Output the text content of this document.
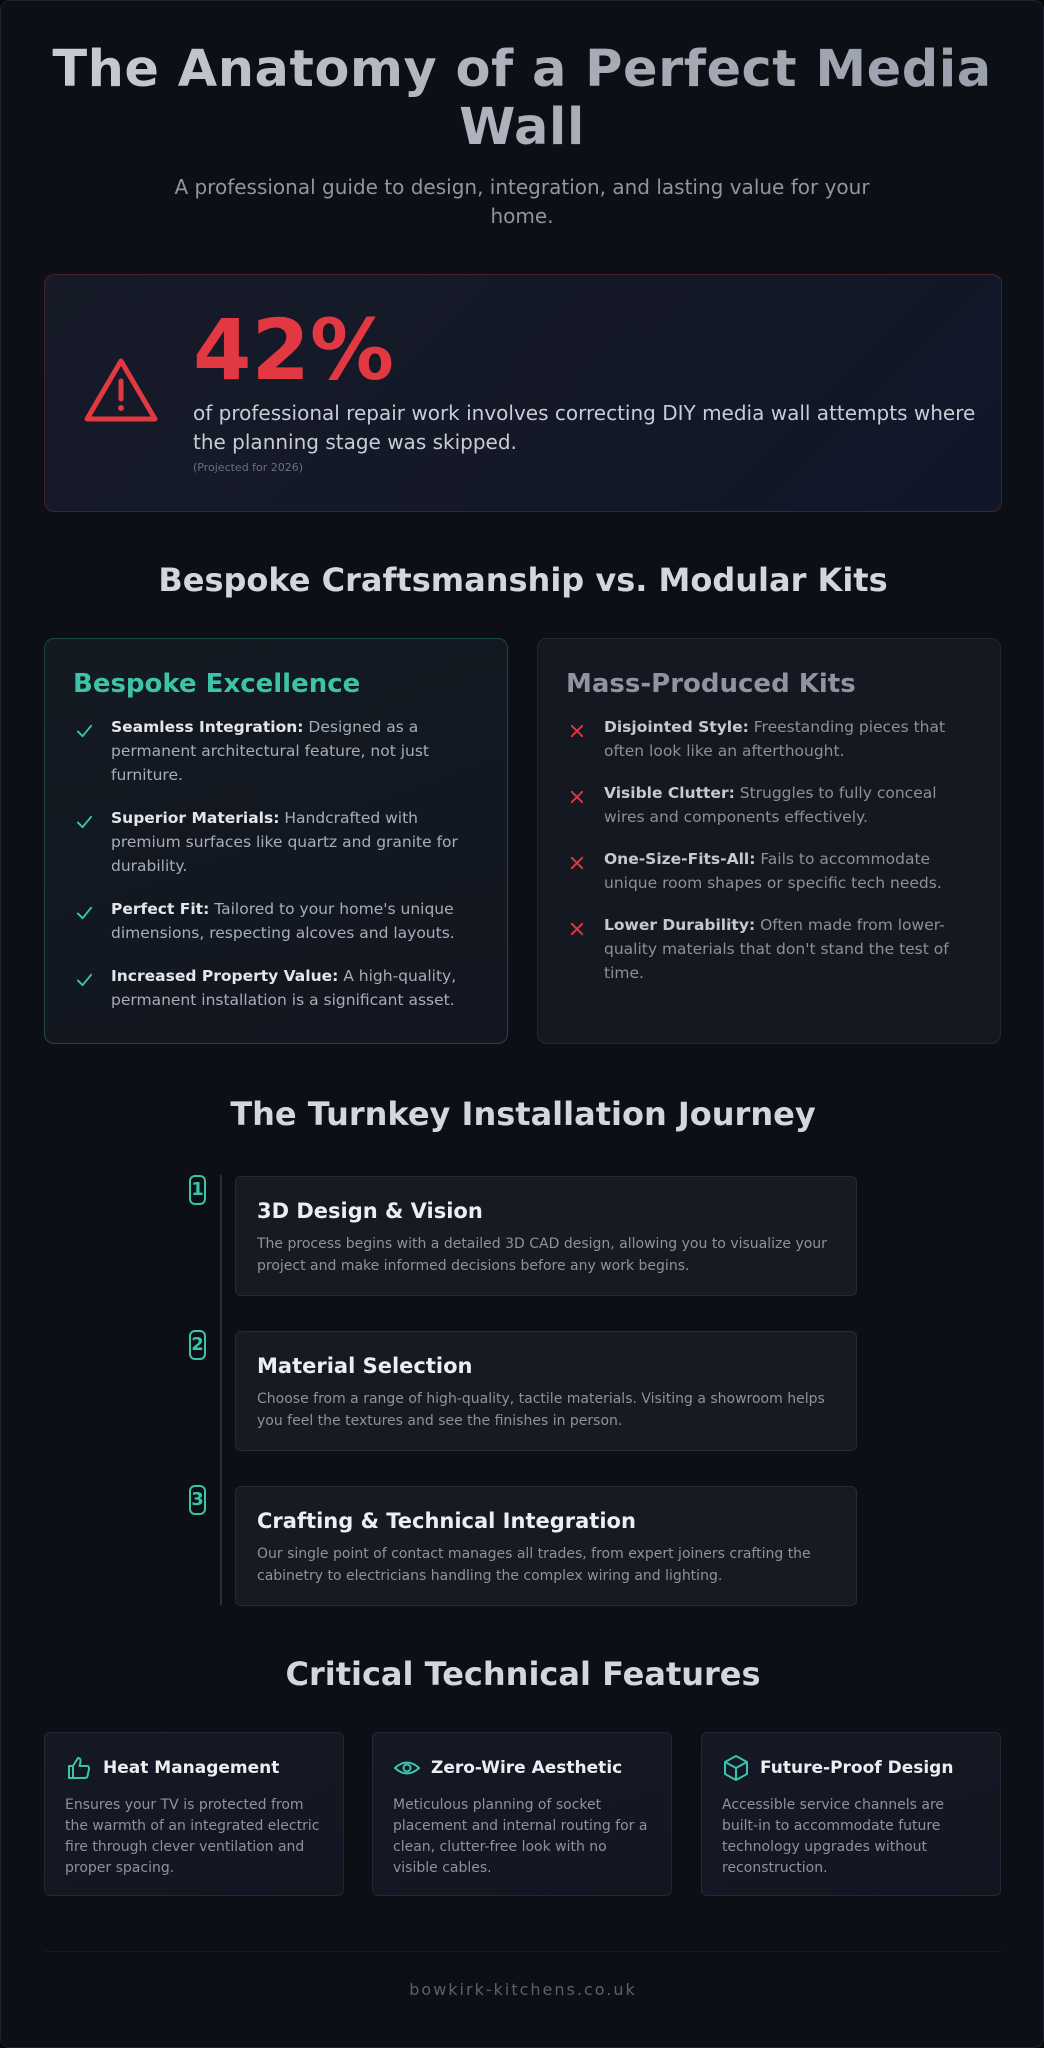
The Anatomy of a Perfect Media Wall

A professional guide to design, integration, and lasting value for your home.

42%
of professional repair work involves correcting DIY media wall attempts where the planning stage was skipped.
(Projected for 2026)
Bespoke Craftsmanship vs. Modular Kits
Bespoke Excellence
Seamless Integration: Designed as a permanent architectural feature, not just furniture.
Superior Materials: Handcrafted with premium surfaces like quartz and granite for durability.
Perfect Fit: Tailored to your home's unique dimensions, respecting alcoves and layouts.
Increased Property Value: A high-quality, permanent installation is a significant asset.
Mass-Produced Kits
Disjointed Style: Freestanding pieces that often look like an afterthought.
Visible Clutter: Struggles to fully conceal wires and components effectively.
One-Size-Fits-All: Fails to accommodate unique room shapes or specific tech needs.
Lower Durability: Often made from lower-quality materials that don't stand the test of time.
The Turnkey Installation Journey
1
3D Design & Vision
The process begins with a detailed 3D CAD design, allowing you to visualize your project and make informed decisions before any work begins.
2
Material Selection
Choose from a range of high-quality, tactile materials. Visiting a showroom helps you feel the textures and see the finishes in person.
3
Crafting & Technical Integration
Our single point of contact manages all trades, from expert joiners crafting the cabinetry to electricians handling the complex wiring and lighting.
Critical Technical Features
Heat Management
Ensures your TV is protected from the warmth of an integrated electric fire through clever ventilation and proper spacing.
Zero-Wire Aesthetic
Meticulous planning of socket placement and internal routing for a clean, clutter-free look with no visible cables.
Future-Proof Design
Accessible service channels are built-in to accommodate future technology upgrades without reconstruction.
bowkirk-kitchens.co.uk
